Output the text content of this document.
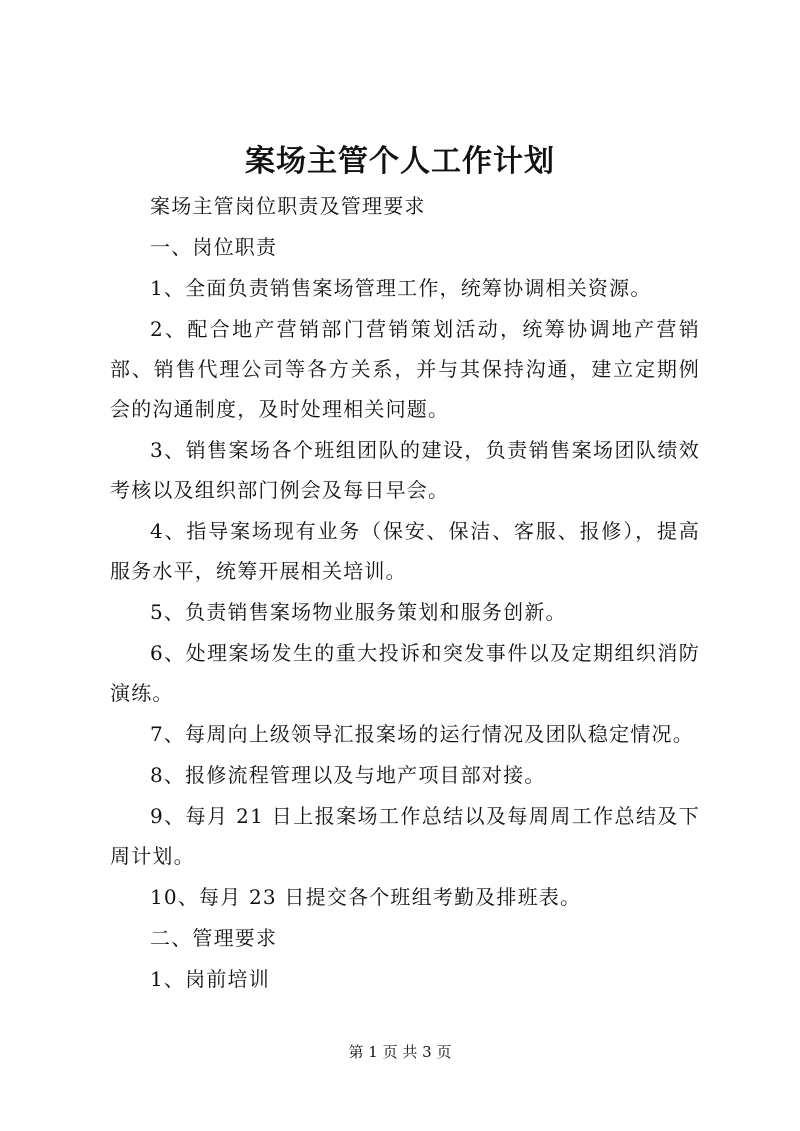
案场主管个人工作计划

案场主管岗位职责及管理要求

一、岗位职责

1、全面负责销售案场管理工作，统筹协调相关资源。

2、配合地产营销部门营销策划活动，统筹协调地产营销部、销售代理公司等各方关系，并与其保持沟通，建立定期例会的沟通制度，及时处理相关问题。

3、销售案场各个班组团队的建设，负责销售案场团队绩效考核以及组织部门例会及每日早会。

4、指导案场现有业务（保安、保洁、客服、报修），提高服务水平，统筹开展相关培训。

5、负责销售案场物业服务策划和服务创新。

6、处理案场发生的重大投诉和突发事件以及定期组织消防演练。

7、每周向上级领导汇报案场的运行情况及团队稳定情况。

8、报修流程管理以及与地产项目部对接。

9、每月 21 日上报案场工作总结以及每周周工作总结及下周计划。

10、每月 23 日提交各个班组考勤及排班表。

二、管理要求

1、岗前培训

第 1 页 共 3 页
